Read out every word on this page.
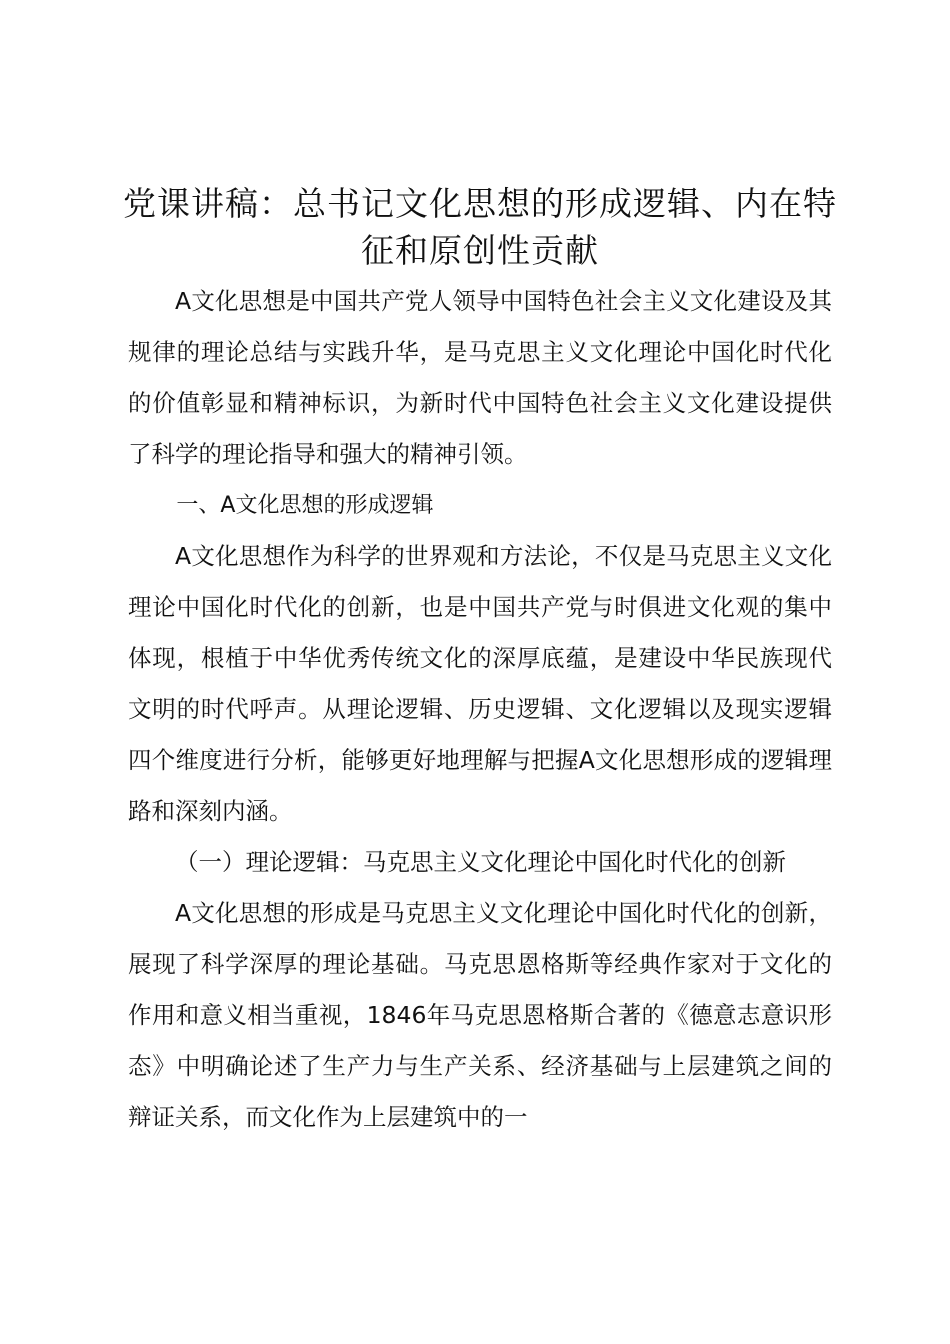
党课讲稿：总书记文化思想的形成逻辑、内在特征和原创性贡献

A文化思想是中国共产党人领导中国特色社会主义文化建设及其规律的理论总结与实践升华，是马克思主义文化理论中国化时代化的价值彰显和精神标识，为新时代中国特色社会主义文化建设提供了科学的理论指导和强大的精神引领。

一、A文化思想的形成逻辑

A文化思想作为科学的世界观和方法论，不仅是马克思主义文化理论中国化时代化的创新，也是中国共产党与时俱进文化观的集中体现，根植于中华优秀传统文化的深厚底蕴，是建设中华民族现代文明的时代呼声。从理论逻辑、历史逻辑、文化逻辑以及现实逻辑四个维度进行分析，能够更好地理解与把握A文化思想形成的逻辑理路和深刻内涵。

（一）理论逻辑：马克思主义文化理论中国化时代化的创新

A文化思想的形成是马克思主义文化理论中国化时代化的创新，展现了科学深厚的理论基础。马克思恩格斯等经典作家对于文化的作用和意义相当重视，1846年马克思恩格斯合著的《德意志意识形态》中明确论述了生产力与生产关系、经济基础与上层建筑之间的辩证关系，而文化作为上层建筑中的一
